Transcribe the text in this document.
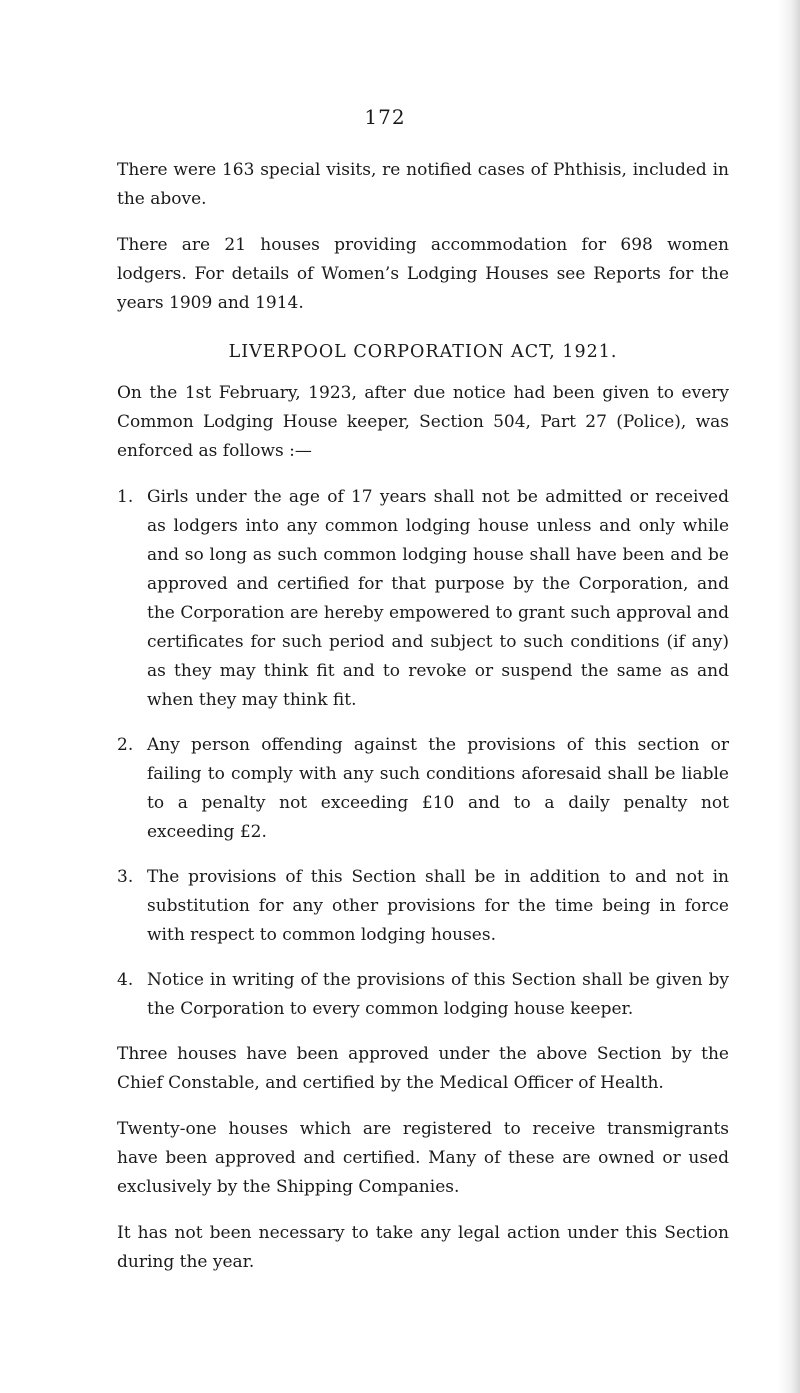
172

There were 163 special visits, re notified cases of Phthisis, included in the above.

There are 21 houses providing accommodation for 698 women lodgers. For details of Women’s Lodging Houses see Reports for the years 1909 and 1914.

LIVERPOOL CORPORATION ACT, 1921.

On the 1st February, 1923, after due notice had been given to every Common Lodging House keeper, Section 504, Part 27 (Police), was enforced as follows :—

1. Girls under the age of 17 years shall not be admitted or received as lodgers into any common lodging house unless and only while and so long as such common lodging house shall have been and be approved and certified for that purpose by the Corporation, and the Corporation are hereby empowered to grant such approval and certificates for such period and subject to such conditions (if any) as they may think fit and to revoke or suspend the same as and when they may think fit.
2. Any person offending against the provisions of this section or failing to comply with any such conditions aforesaid shall be liable to a penalty not exceeding £10 and to a daily penalty not exceeding £2.
3. The provisions of this Section shall be in addition to and not in substitution for any other provisions for the time being in force with respect to common lodging houses.
4. Notice in writing of the provisions of this Section shall be given by the Corporation to every common lodging house keeper.

Three houses have been approved under the above Section by the Chief Constable, and certified by the Medical Officer of Health.

Twenty-one houses which are registered to receive transmigrants have been approved and certified. Many of these are owned or used exclusively by the Shipping Companies.

It has not been necessary to take any legal action under this Section during the year.
